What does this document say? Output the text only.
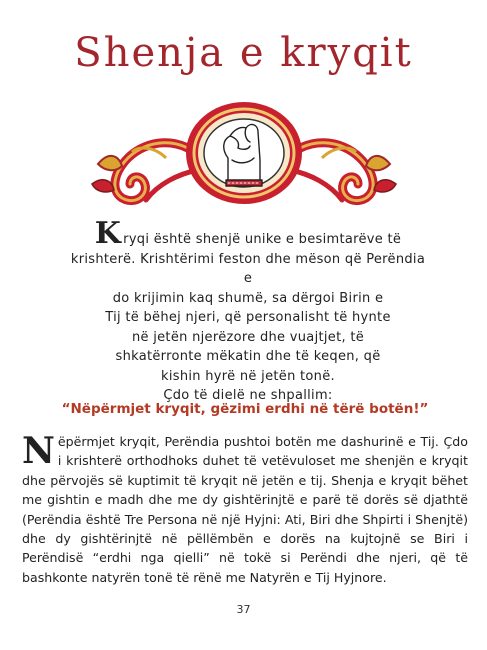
Shenja e kryqit
Kryqi është shenjë unike e besimtarëve të
krishterë. Krishtërimi feston dhe mëson që Perëndia e
do krijimin kaq shumë, sa dërgoi Birin e
Tij të bëhej njeri, që personalisht të hynte
në jetën njerëzore dhe vuajtjet, të
shkatërronte mëkatin dhe të keqen, që
kishin hyrë në jetën tonë.
Çdo të dielë ne shpallim:
“Nëpërmjet kryqit, gëzimi erdhi në tërë botën!”
Nëpërmjet kryqit, Perëndia pushtoi botën me dashurinë e Tij. Çdo i krishterë orthodhoks duhet të vetëvuloset me shenjën e kryqit dhe përvojës së kuptimit të kryqit në jetën e tij. Shenja e kryqit bëhet me gishtin e madh dhe me dy gishtërinjtë e parë të dorës së djathtë (Perëndia është Tre Persona në një Hyjni: Ati, Biri dhe Shpirti i Shenjtë) dhe dy gishtërinjtë në pëllëmbën e dorës na kujtojnë se Biri i Perëndisë “erdhi nga qielli” në tokë si Perëndi dhe njeri, që të bashkonte natyrën tonë të rënë me Natyrën e Tij Hyjnore.
37
